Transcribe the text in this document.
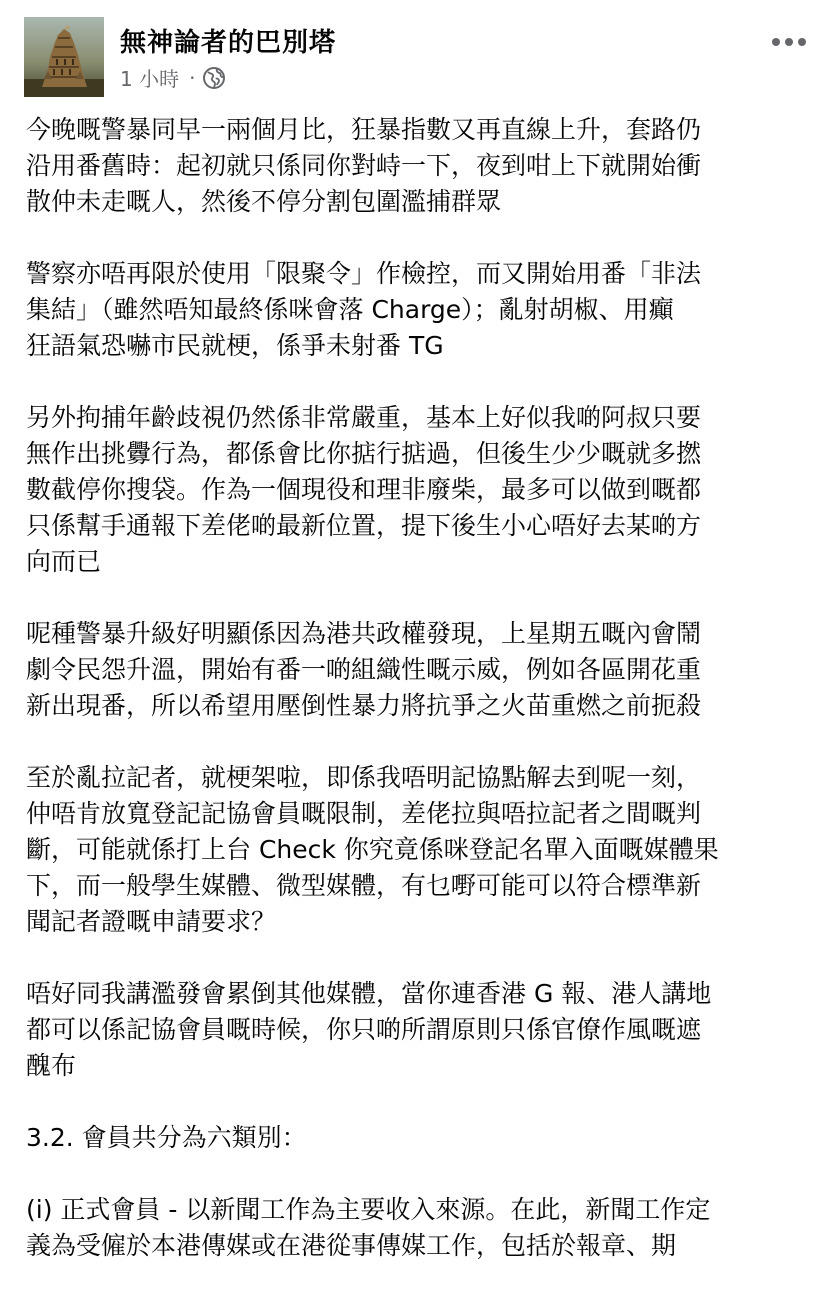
無神論者的巴別塔
1 小時 ·

今晚嘅警暴同早一兩個月比，狂暴指數又再直線上升，套路仍
沿用番舊時：起初就只係同你對峙一下，夜到咁上下就開始衝
散仲未走嘅人，然後不停分割包圍濫捕群眾

警察亦唔再限於使用「限聚令」作檢控，而又開始用番「非法
集結」（雖然唔知最終係咪會落 Charge）；亂射胡椒、用癲
狂語氣恐嚇市民就梗，係爭未射番 TG

另外拘捕年齡歧視仍然係非常嚴重，基本上好似我啲阿叔只要
無作出挑釁行為，都係會比你掂行掂過，但後生少少嘅就多撚
數截停你搜袋。作為一個現役和理非廢柴，最多可以做到嘅都
只係幫手通報下差佬啲最新位置，提下後生小心唔好去某啲方
向而已

呢種警暴升級好明顯係因為港共政權發現，上星期五嘅內會鬧
劇令民怨升溫，開始有番一啲組織性嘅示威，例如各區開花重
新出現番，所以希望用壓倒性暴力將抗爭之火苗重燃之前扼殺

至於亂拉記者，就梗架啦，即係我唔明記協點解去到呢一刻，
仲唔肯放寬登記記協會員嘅限制，差佬拉與唔拉記者之間嘅判
斷，可能就係打上台 Check 你究竟係咪登記名單入面嘅媒體果
下，而一般學生媒體、微型媒體，有乜嘢可能可以符合標準新
聞記者證嘅申請要求？

唔好同我講濫發會累倒其他媒體，當你連香港 G 報、港人講地
都可以係記協會員嘅時候，你只啲所謂原則只係官僚作風嘅遮
醜布

3.2. 會員共分為六類別：

(i) 正式會員 - 以新聞工作為主要收入來源。在此，新聞工作定
義為受僱於本港傳媒或在港從事傳媒工作，包括於報章、期
